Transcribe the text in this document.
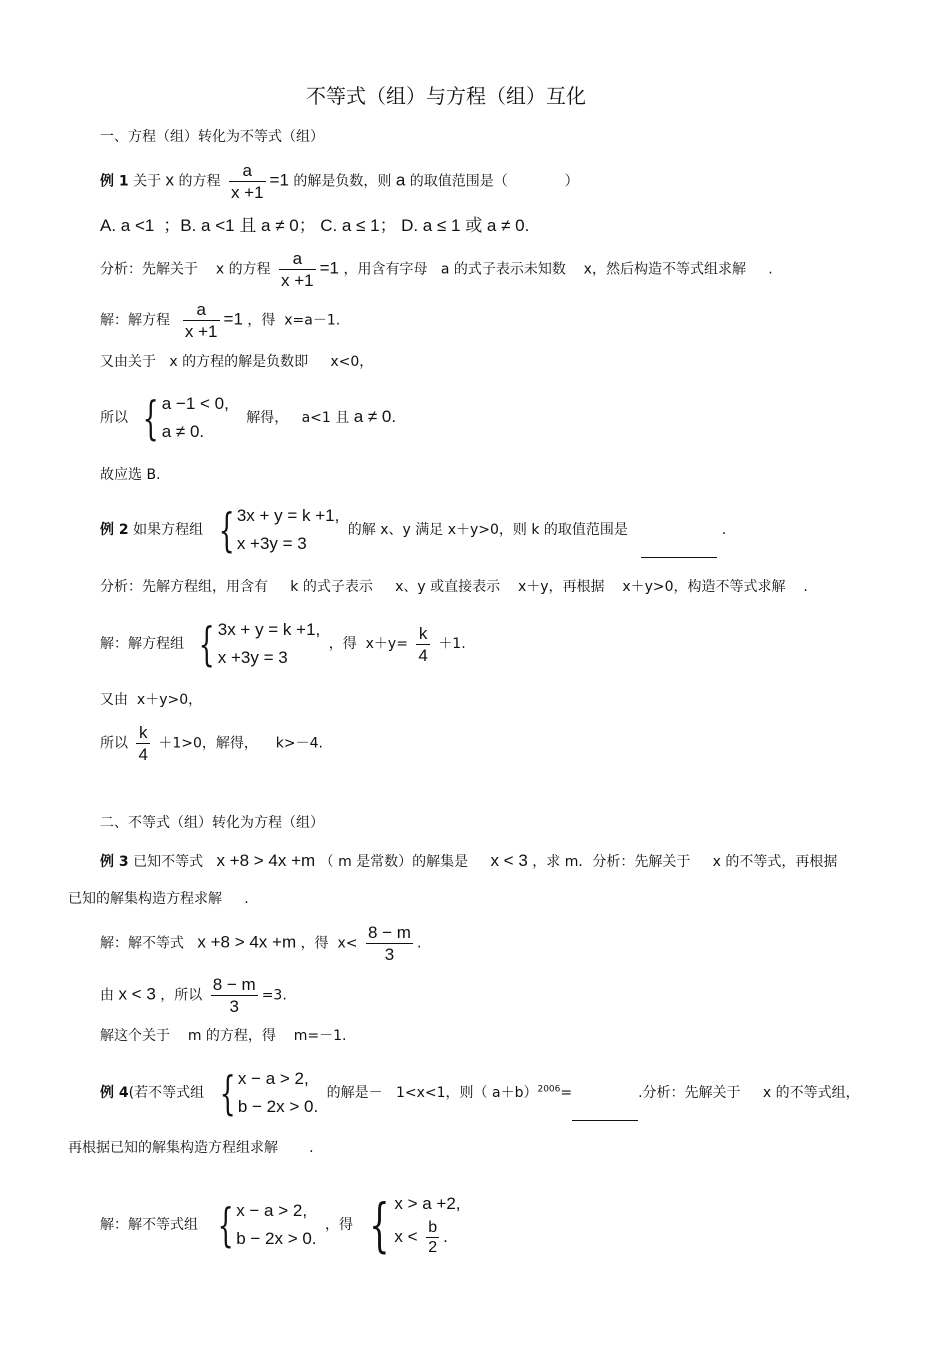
不等式（组）与方程（组）互化
一、方程（组）转化为不等式（组）
例 1 关于 x 的方程 $\frac{a}{x +1} =1$ 的解是负数，则 a 的取值范围是（	）
A. a <1 ；B. a <1 且 a ≠ 0； C. a ≤ 1； D. a ≤ 1 或 a ≠ 0.
分析：先解关于 x 的方程 $\frac{a}{x +1} =1$ ，用含有字母 a 的式子表示未知数 x，然后构造不等式组求解 .
解：解方程 $\frac{a}{x +1} =1$ ，得 x=a－1.
又由关于 x 的方程的解是负数即 x<0，
所以 { a −1 < 0,
a ≠ 0.
解得， a<1 且 a ≠ 0.
故应选 B.
例 2 如果方程组 { 3x + y = k +1,
x +3y = 3
的解 x、y 满足 x＋y>0，则 k 的取值范围是	.
分析：先解方程组，用含有 k 的式子表示 x、y 或直接表示 x＋y，再根据 x＋y>0，构造不等式求解 .
解：解方程组 { 3x + y = k +1,
x +3y = 3
，得 $x+y= \frac{k}{4} +1$.
又由 x＋y>0，
所以 $\frac{k}{4} +1>0$，解得， k>－4.
二、不等式（组）转化为方程（组）
例 3 已知不等式 x +8 > 4x +m （ m 是常数）的解集是 x < 3 ，求 m．分析：先解关于 x 的不等式，再根据
已知的解集构造方程求解 .
解：解不等式 x +8 > 4x +m ，得 $x< \frac{8 - m}{3}$ .
由 x < 3 ，所以 $\frac{8 - m}{3} =3$.
解这个关于 m 的方程，得 m=－1.
例 4(若不等式组 { x − a > 2,
b − 2x > 0.
的解是－ 1<x<1，则（ a＋b）$^{2006}$=	.分析：先解关于 x 的不等式组，
再根据已知的解集构造方程组求解 .
解：解不等式组 { x − a > 2,
b − 2x > 0.
，得 { x > a +2,
$x < \frac{b}{2}$ .
